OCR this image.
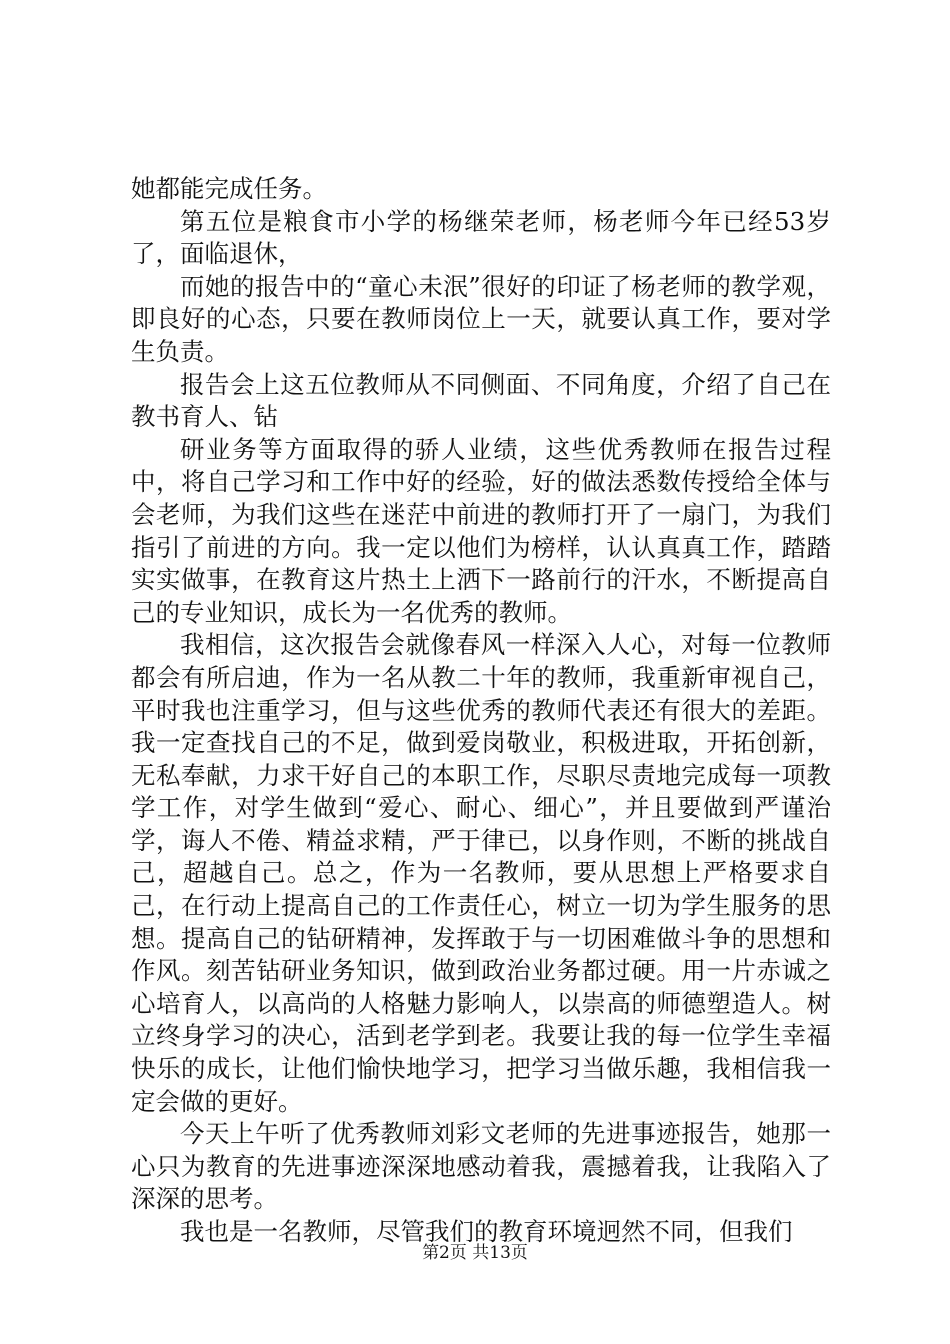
她都能完成任务。

第五位是粮食市小学的杨继荣老师，杨老师今年已经53岁了，面临退休，

而她的报告中的“童心未泯”很好的印证了杨老师的教学观，即良好的心态，只要在教师岗位上一天，就要认真工作，要对学生负责。

报告会上这五位教师从不同侧面、不同角度，介绍了自己在教书育人、钻

研业务等方面取得的骄人业绩，这些优秀教师在报告过程中，将自己学习和工作中好的经验，好的做法悉数传授给全体与会老师，为我们这些在迷茫中前进的教师打开了一扇门，为我们指引了前进的方向。我一定以他们为榜样，认认真真工作，踏踏实实做事，在教育这片热土上洒下一路前行的汗水，不断提高自己的专业知识，成长为一名优秀的教师。

我相信，这次报告会就像春风一样深入人心，对每一位教师都会有所启迪，作为一名从教二十年的教师，我重新审视自己，平时我也注重学习，但与这些优秀的教师代表还有很大的差距。我一定查找自己的不足，做到爱岗敬业，积极进取，开拓创新，无私奉献，力求干好自己的本职工作，尽职尽责地完成每一项教学工作，对学生做到“爱心、耐心、细心”，并且要做到严谨治学，诲人不倦、精益求精，严于律已，以身作则，不断的挑战自己，超越自己。总之，作为一名教师，要从思想上严格要求自己，在行动上提高自己的工作责任心，树立一切为学生服务的思想。提高自己的钻研精神，发挥敢于与一切困难做斗争的思想和作风。刻苦钻研业务知识，做到政治业务都过硬。用一片赤诚之心培育人，以高尚的人格魅力影响人，以崇高的师德塑造人。树立终身学习的决心，活到老学到老。我要让我的每一位学生幸福快乐的成长，让他们愉快地学习，把学习当做乐趣，我相信我一定会做的更好。

今天上午听了优秀教师刘彩文老师的先进事迹报告，她那一心只为教育的先进事迹深深地感动着我，震撼着我，让我陷入了深深的思考。

我也是一名教师，尽管我们的教育环境迥然不同，但我们

第2页 共13页
